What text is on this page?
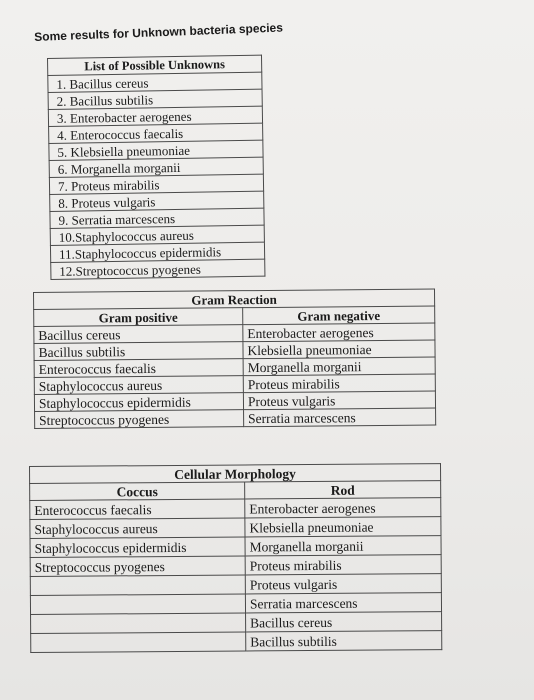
Some results for Unknown bacteria species
List of Possible Unknowns
1. Bacillus cereus
2. Bacillus subtilis
3. Enterobacter aerogenes
4. Enterococcus faecalis
5. Klebsiella pneumoniae
6. Morganella morganii
7. Proteus mirabilis
8. Proteus vulgaris
9. Serratia marcescens
10.Staphylococcus aureus
11.Staphylococcus epidermidis
12.Streptococcus pyogenes
Gram Reaction	
Gram positive	Gram negative
Bacillus cereus	Enterobacter aerogenes
Bacillus subtilis	Klebsiella pneumoniae
Enterococcus faecalis	Morganella morganii
Staphylococcus aureus	Proteus mirabilis
Staphylococcus epidermidis	Proteus vulgaris
Streptococcus pyogenes	Serratia marcescens
Cellular Morphology	
Coccus	Rod
Enterococcus faecalis	Enterobacter aerogenes
Staphylococcus aureus	Klebsiella pneumoniae
Staphylococcus epidermidis	Morganella morganii
Streptococcus pyogenes	Proteus mirabilis
	Proteus vulgaris
	Serratia marcescens
	Bacillus cereus
	Bacillus subtilis
